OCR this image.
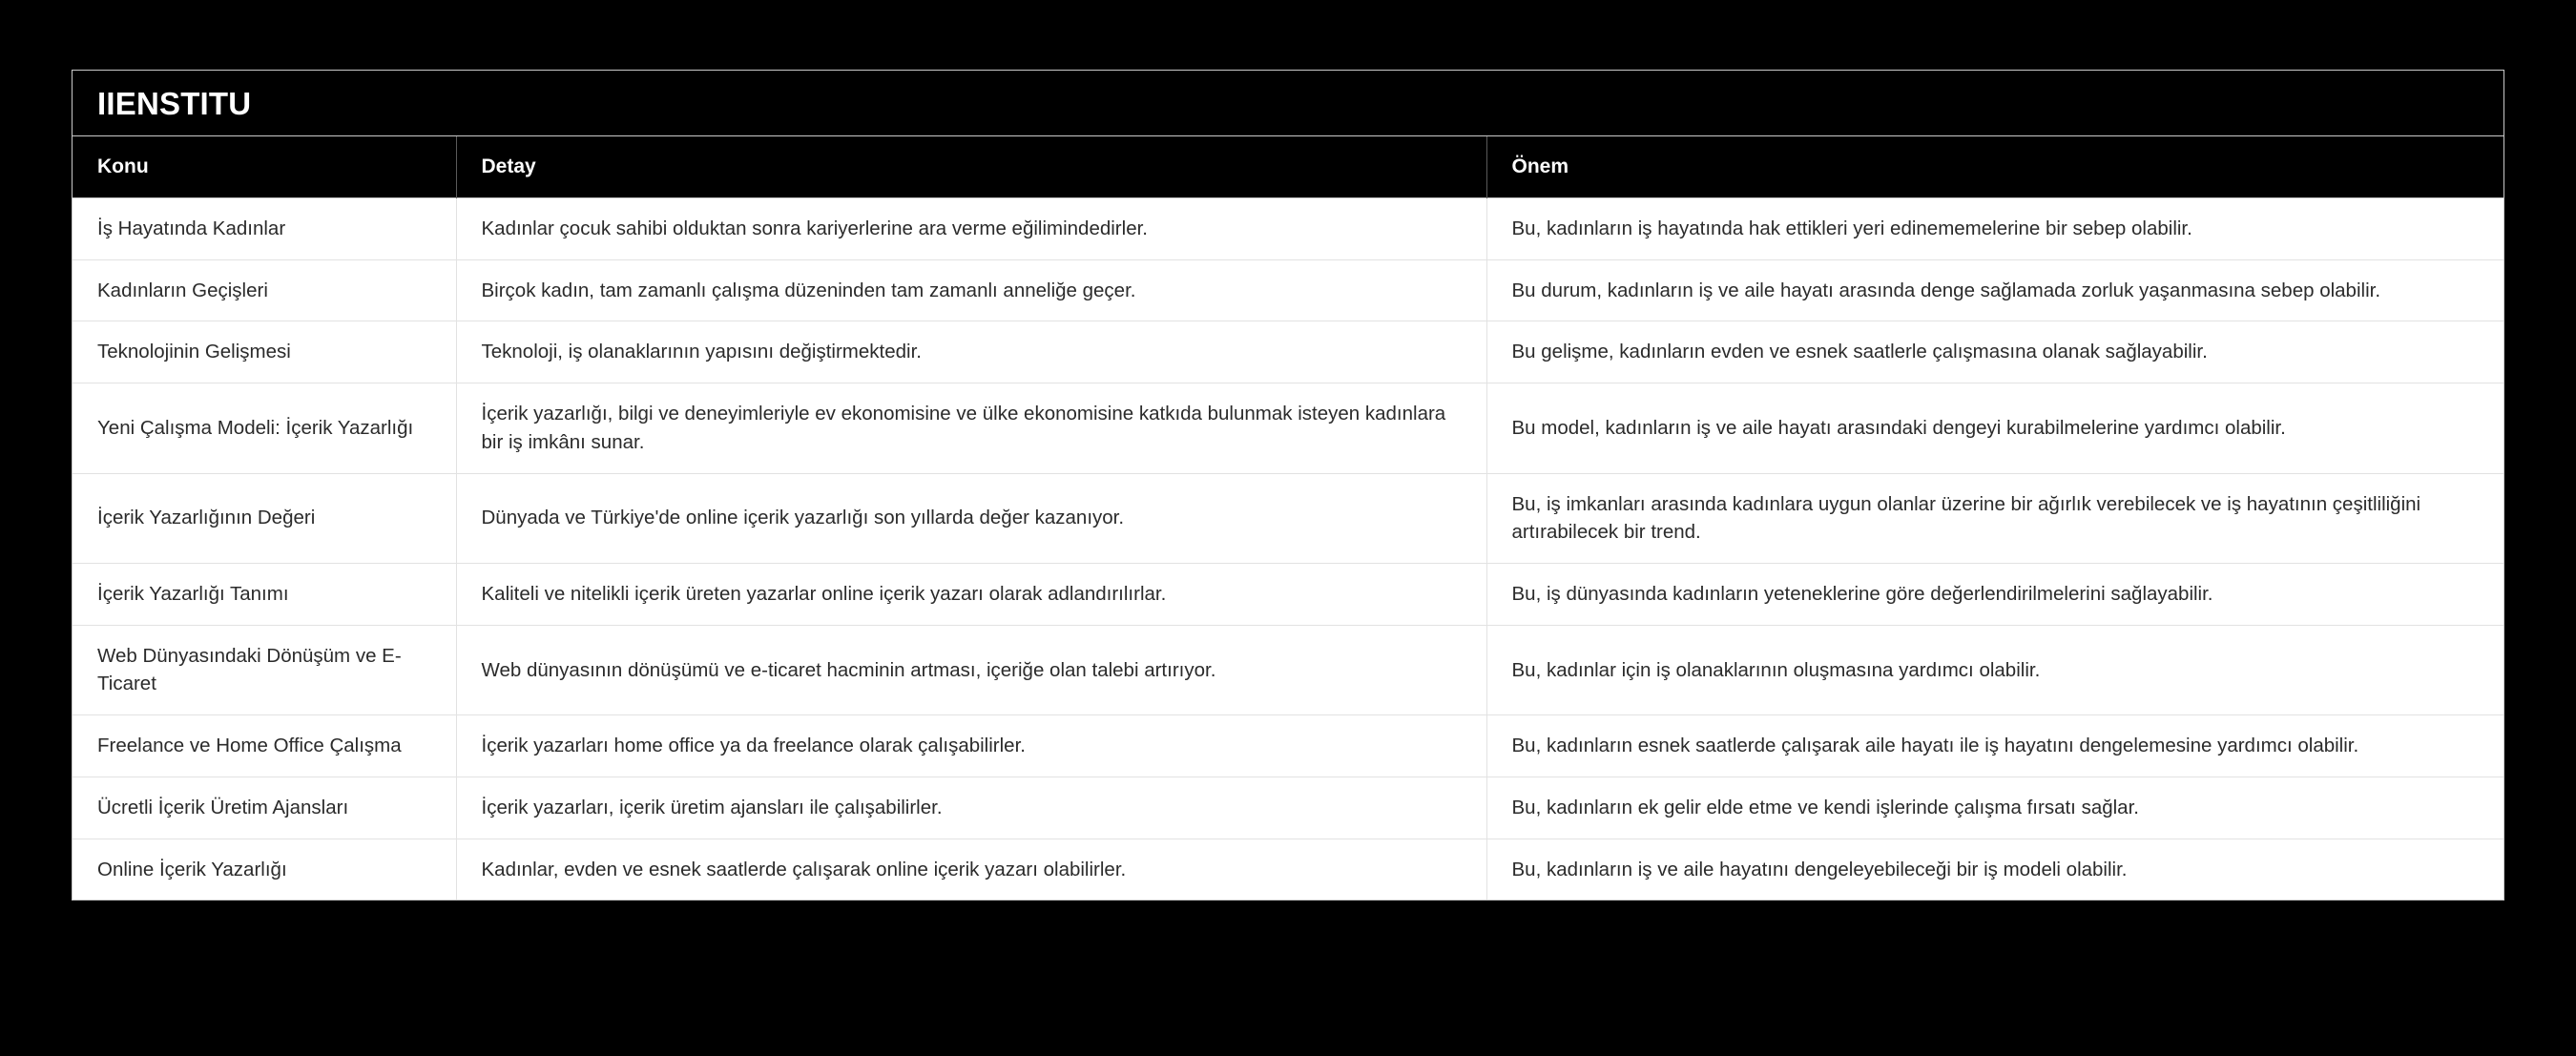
IIENSTITU
Konu	Detay	Önem
İş Hayatında Kadınlar	Kadınlar çocuk sahibi olduktan sonra kariyerlerine ara verme eğilimindedirler.	Bu, kadınların iş hayatında hak ettikleri yeri edinememelerine bir sebep olabilir.
Kadınların Geçişleri	Birçok kadın, tam zamanlı çalışma düzeninden tam zamanlı anneliğe geçer.	Bu durum, kadınların iş ve aile hayatı arasında denge sağlamada zorluk yaşanmasına sebep olabilir.
Teknolojinin Gelişmesi	Teknoloji, iş olanaklarının yapısını değiştirmektedir.	Bu gelişme, kadınların evden ve esnek saatlerle çalışmasına olanak sağlayabilir.
Yeni Çalışma Modeli: İçerik Yazarlığı	İçerik yazarlığı, bilgi ve deneyimleriyle ev ekonomisine ve ülke ekonomisine katkıda bulunmak isteyen kadınlara bir iş imkânı sunar.	Bu model, kadınların iş ve aile hayatı arasındaki dengeyi kurabilmelerine yardımcı olabilir.
İçerik Yazarlığının Değeri	Dünyada ve Türkiye'de online içerik yazarlığı son yıllarda değer kazanıyor.	Bu, iş imkanları arasında kadınlara uygun olanlar üzerine bir ağırlık verebilecek ve iş hayatının çeşitliliğini artırabilecek bir trend.
İçerik Yazarlığı Tanımı	Kaliteli ve nitelikli içerik üreten yazarlar online içerik yazarı olarak adlandırılırlar.	Bu, iş dünyasında kadınların yeteneklerine göre değerlendirilmelerini sağlayabilir.
Web Dünyasındaki Dönüşüm ve E-Ticaret	Web dünyasının dönüşümü ve e-ticaret hacminin artması, içeriğe olan talebi artırıyor.	Bu, kadınlar için iş olanaklarının oluşmasına yardımcı olabilir.
Freelance ve Home Office Çalışma	İçerik yazarları home office ya da freelance olarak çalışabilirler.	Bu, kadınların esnek saatlerde çalışarak aile hayatı ile iş hayatını dengelemesine yardımcı olabilir.
Ücretli İçerik Üretim Ajansları	İçerik yazarları, içerik üretim ajansları ile çalışabilirler.	Bu, kadınların ek gelir elde etme ve kendi işlerinde çalışma fırsatı sağlar.
Online İçerik Yazarlığı	Kadınlar, evden ve esnek saatlerde çalışarak online içerik yazarı olabilirler.	Bu, kadınların iş ve aile hayatını dengeleyebileceği bir iş modeli olabilir.
